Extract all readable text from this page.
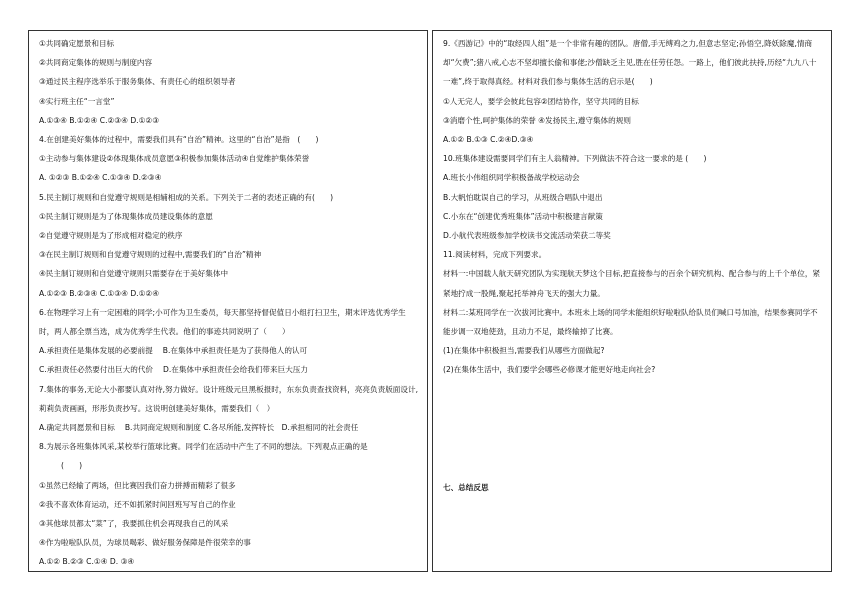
①共同确定愿景和目标
②共同商定集体的规则与制度内容
③通过民主程序选举乐于服务集体、有责任心的组织领导者
④实行班主任“一言堂”
A.①③④ B.①②④ C.②③④ D.①②③
4.在创建美好集体的过程中，需要我们具有“自治”精神。这里的“自治”是指　(　　)
①主动参与集体建设②体现集体成员意愿③积极参加集体活动④自觉维护集体荣誉
A. ①②③ B.①②④ C.①③④ D.②③④
5.民主制订规则和自觉遵守规则是相辅相成的关系。下列关于二者的表述正确的有(　　)
①民主制订规则是为了体现集体成员建设集体的意愿
②自觉遵守规则是为了形成相对稳定的秩序
③在民主制订规则和自觉遵守规则的过程中,需要我们的“自治”精神
④民主制订规则和自觉遵守规则只需要存在于美好集体中
A.①②③ B.②③④ C.①③④ D.①②④
6.在物理学习上有一定困难的同学;小可作为卫生委员，每天都坚持督促值日小组打扫卫生，期末评选优秀学生时，两人都全票当选，成为优秀学生代表。他们的事迹共同说明了（　　）
A.承担责任是集体发展的必要前提　 B.在集体中承担责任是为了获得他人的认可
C.承担责任必然要付出巨大的代价　 D.在集体中承担责任会给我们带来巨大压力
7.集体的事务,无论大小都要认真对待,努力做好。设计班级元旦黑板报时，东东负责查找资料，亮亮负责版面设计,莉莉负责画画，形彤负责抄写。这说明创建美好集体，需要我们（　）
A.确定共同愿景和目标　 B.共同商定规则和制度 C.各尽所能,发挥特长　D.承担相同的社会责任
8.为展示各班集体风采,某校举行篮球比赛。同学们在活动中产生了不同的想法。下列观点正确的是
(　　)
①虽然已经输了两场，但比赛因我们奋力拼搏而精彩了很多
②我不喜欢体育运动，还不如抓紧时间回班写写自己的作业
③其他球员都太“菜”了，我要抓住机会再现我自己的风采
④作为啦啦队队员，为球员喝彩、做好服务保障是件很荣幸的事
A.①② B.②③ C.①④ D. ③④
9.《西游记》中的“取经四人组”是一个非常有趣的团队。唐僧,手无缚鸡之力,但意志坚定;孙悟空,降妖除魔,情商却“欠费”;猪八戒,心志不坚却擅长偷和事佬;沙僧缺乏主见,胜在任劳任怨。一路上，他们彼此扶持,历经“九九八十一难”,终于取得真经。材料对我们参与集体生活的启示是(　　)
①人无完人，要学会彼此包容②团结协作，坚守共同的目标
③消磨个性,呵护集体的荣誉 ④发扬民主,遵守集体的规则
A.①② B.①③ C.②④D.③④
10.班集体建设需要同学们有主人翁精神。下列做法不符合这一要求的是 (　　)
A.班长小伟组织同学积极备战学校运动会
B.大帆怕耽误自己的学习，从班级合唱队中退出
C.小东在“创建优秀班集体”活动中积极建言献策
D.小航代表班级参加学校读书交流活动荣获二等奖
11.阅读材料，完成下列要求。
材料一:中国载人航天研究团队为实现航天梦这个目标,把直接参与的百余个研究机构、配合参与的上千个单位，紧紧地拧成一股绳,聚起托举神舟飞天的强大力量。
材料二:某班同学在一次拔河比赛中。本班未上场的同学未能组织好啦啦队给队员们喊口号加油，结果参赛同学不能步调一双地使劲，且动力不足，最终输掉了比赛。
(1)在集体中积极担当,需要我们从哪些方面做起?
(2)在集体生活中，我们要学会哪些必修课才能更好地走向社会?
七、总结反思
